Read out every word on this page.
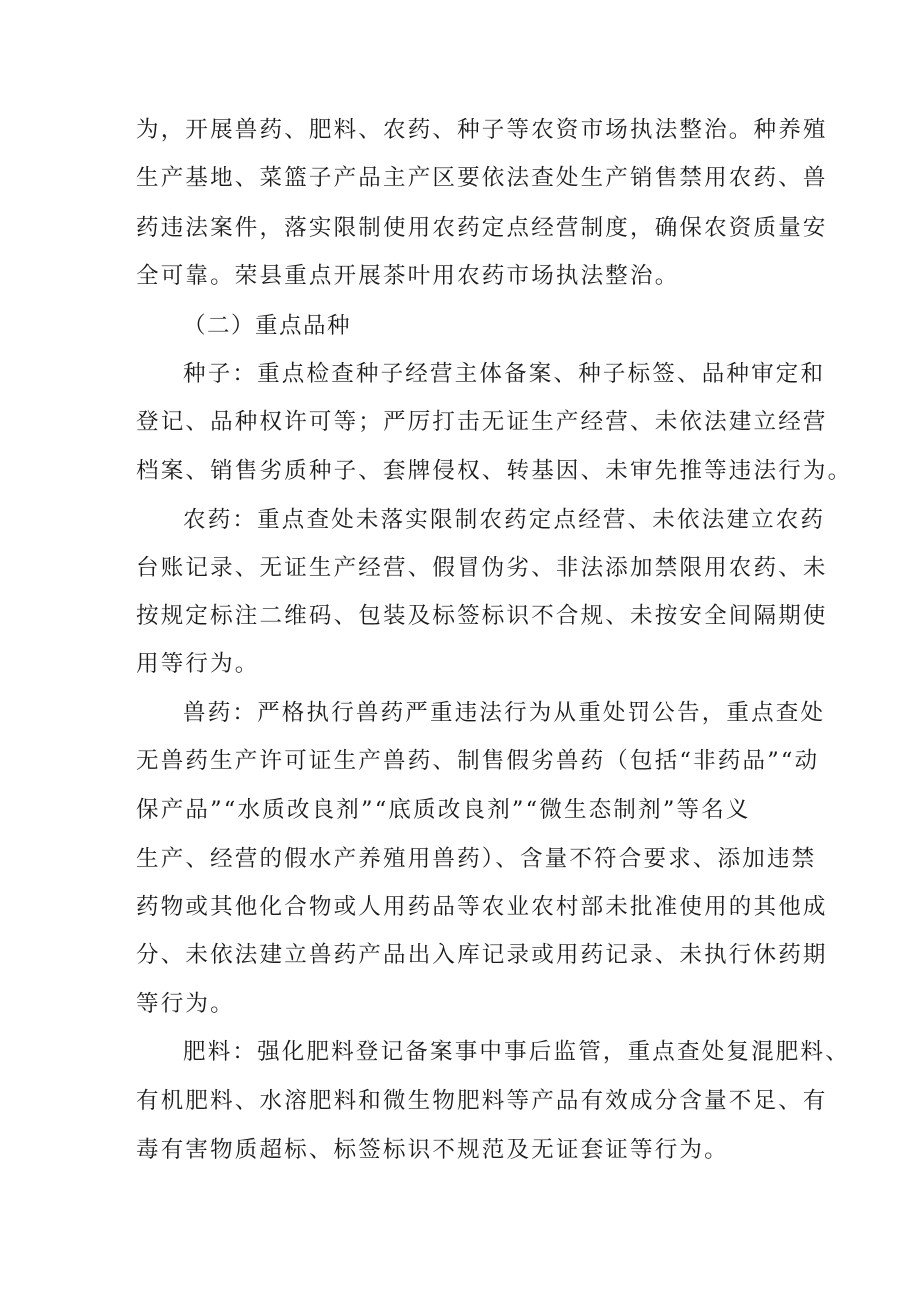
为，开展兽药、肥料、农药、种子等农资市场执法整治。种养殖
生产基地、菜篮子产品主产区要依法查处生产销售禁用农药、兽
药违法案件，落实限制使用农药定点经营制度，确保农资质量安
全可靠。荣县重点开展茶叶用农药市场执法整治。
（二）重点品种
种子：重点检查种子经营主体备案、种子标签、品种审定和
登记、品种权许可等；严厉打击无证生产经营、未依法建立经营
档案、销售劣质种子、套牌侵权、转基因、未审先推等违法行为。
农药：重点查处未落实限制农药定点经营、未依法建立农药
台账记录、无证生产经营、假冒伪劣、非法添加禁限用农药、未
按规定标注二维码、包装及标签标识不合规、未按安全间隔期使
用等行为。
兽药：严格执行兽药严重违法行为从重处罚公告，重点查处
无兽药生产许可证生产兽药、制售假劣兽药（包括“非药品”“动
保产品”“水质改良剂”“底质改良剂”“微生态制剂”等名义
生产、经营的假水产养殖用兽药）、含量不符合要求、添加违禁
药物或其他化合物或人用药品等农业农村部未批准使用的其他成
分、未依法建立兽药产品出入库记录或用药记录、未执行休药期
等行为。
肥料：强化肥料登记备案事中事后监管，重点查处复混肥料、
有机肥料、水溶肥料和微生物肥料等产品有效成分含量不足、有
毒有害物质超标、标签标识不规范及无证套证等行为。
